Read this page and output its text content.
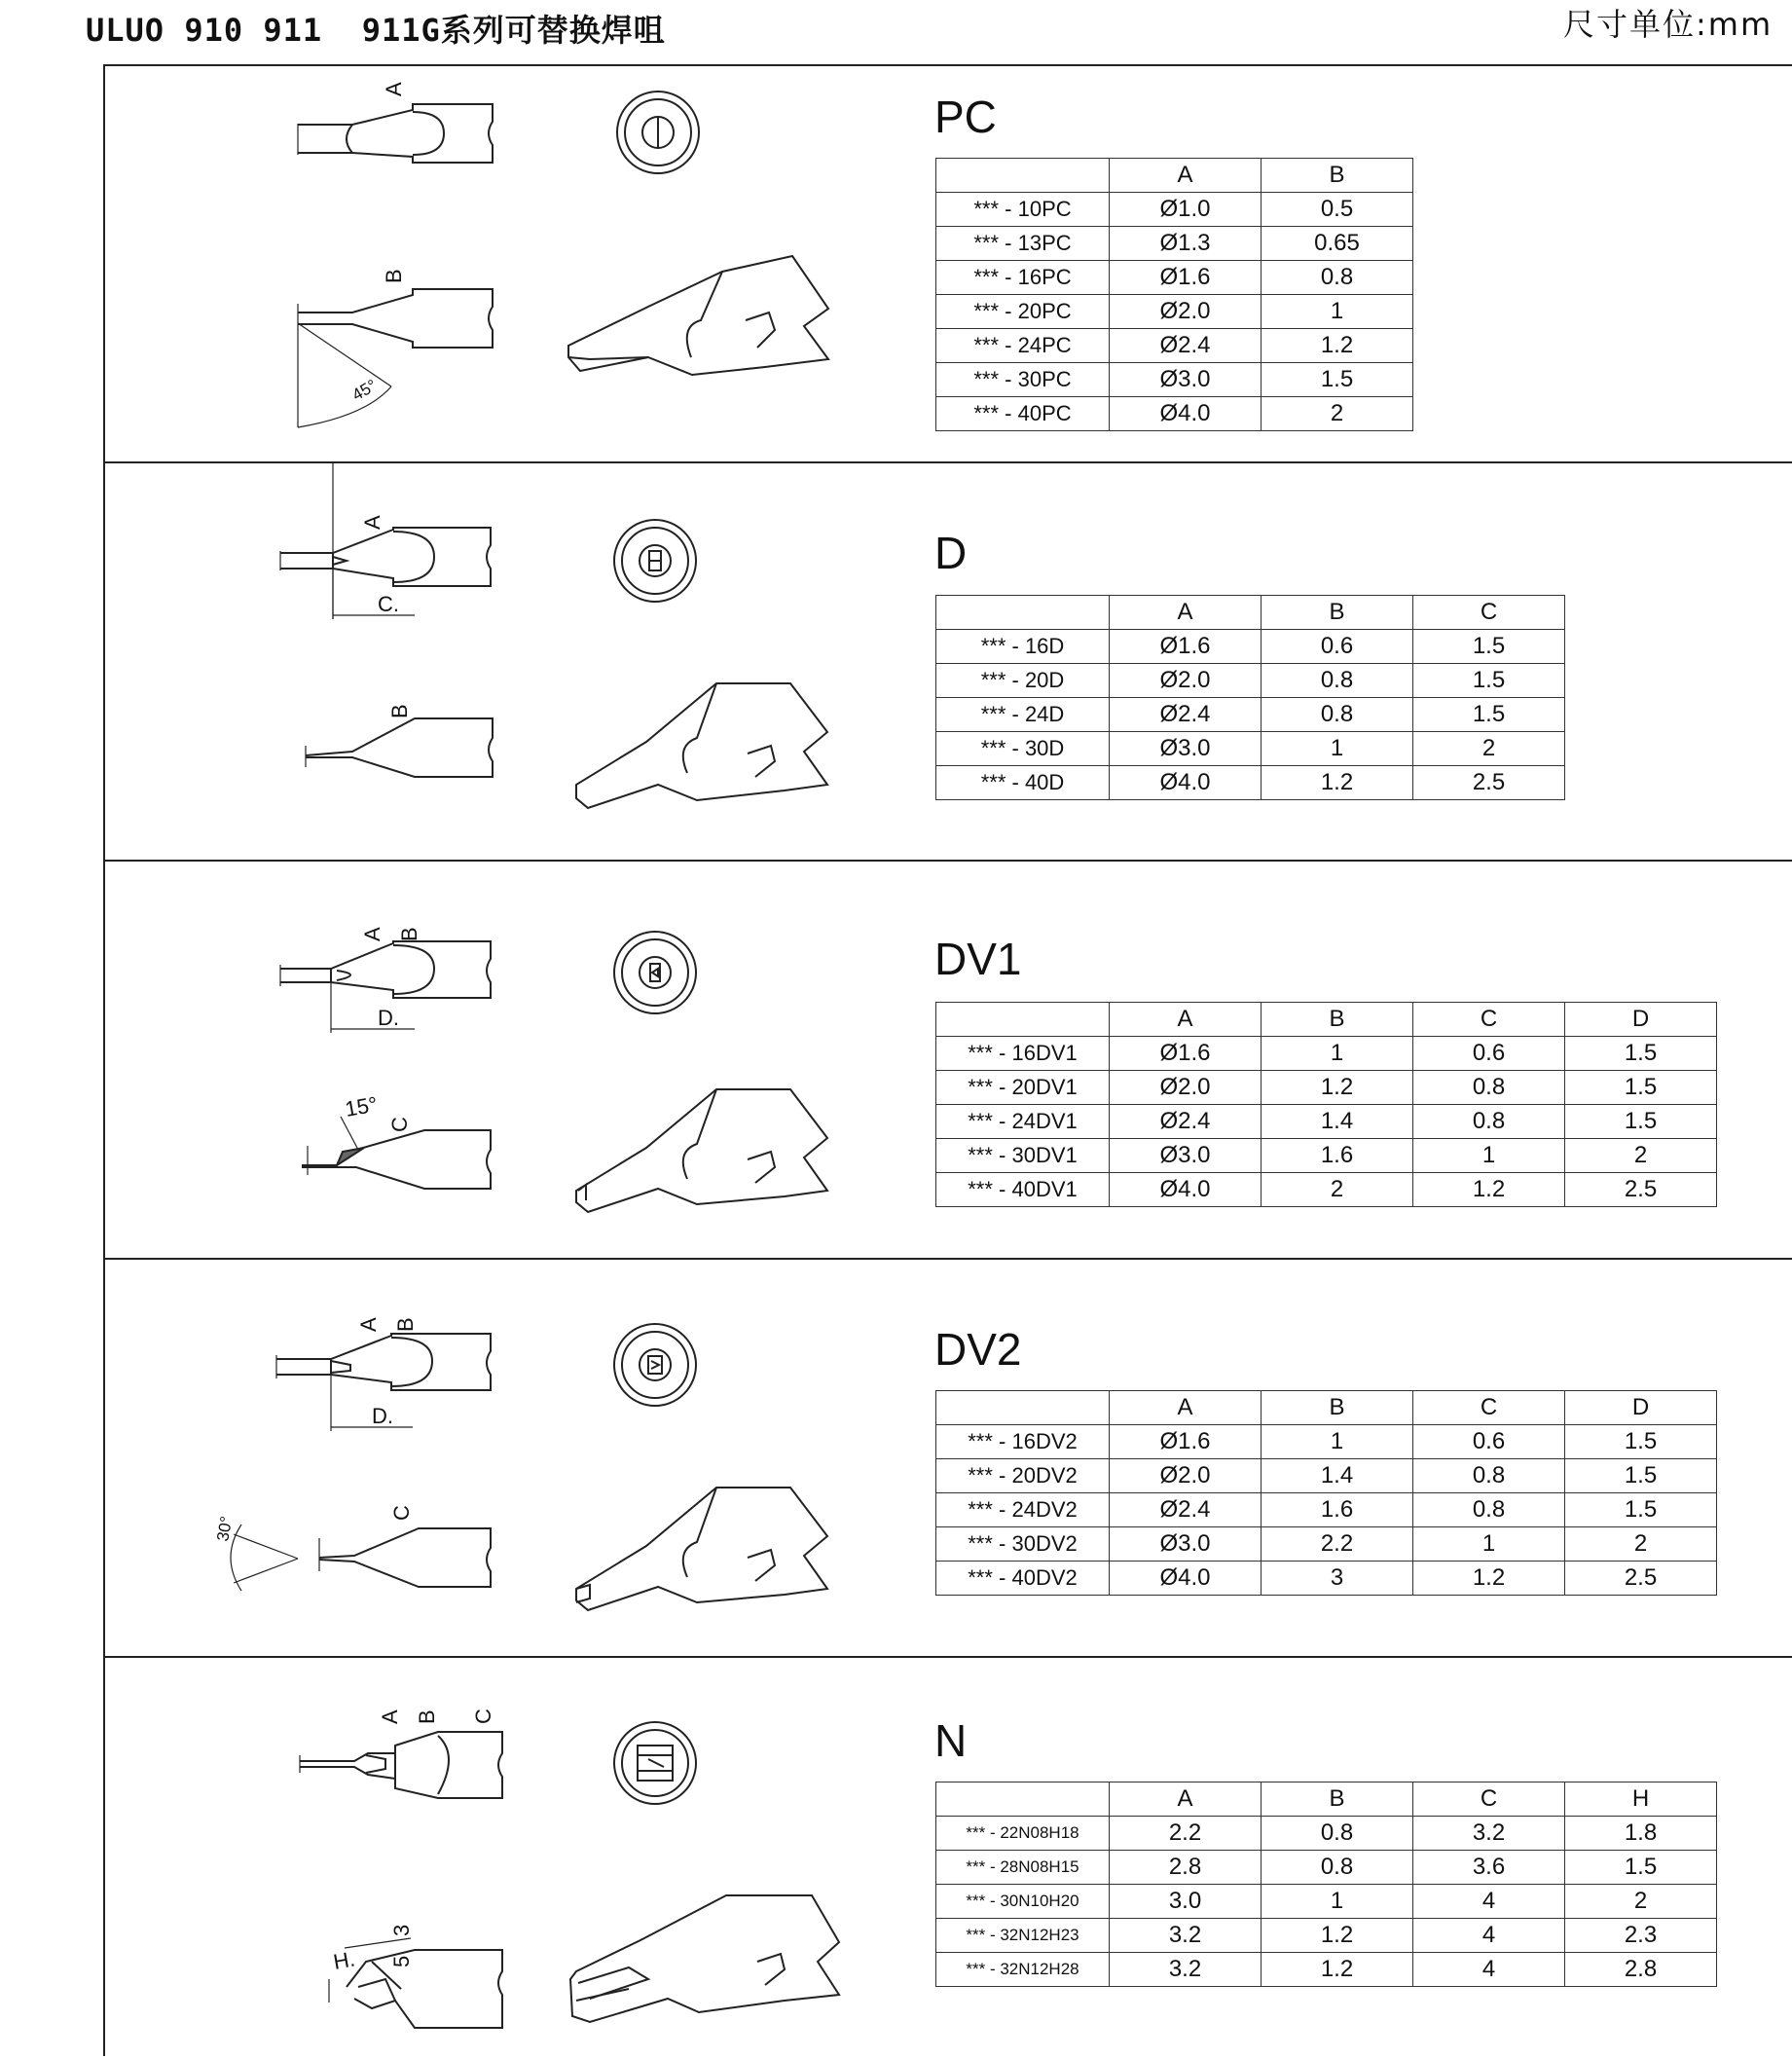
ULUO 910 911  911G系列可替换焊咀	尺寸单位:mm
A
B
45°
PC
	A	B
*** - 10PC	Ø1.0	0.5
*** - 13PC	Ø1.3	0.65
*** - 16PC	Ø1.6	0.8
*** - 20PC	Ø2.0	1
*** - 24PC	Ø2.4	1.2
*** - 30PC	Ø3.0	1.5
*** - 40PC	Ø4.0	2
A
C.
B
D
	A	B	C
*** - 16D	Ø1.6	0.6	1.5
*** - 20D	Ø2.0	0.8	1.5
*** - 24D	Ø2.4	0.8	1.5
*** - 30D	Ø3.0	1	2
*** - 40D	Ø4.0	1.2	2.5
A B
D.
C
15°
DV1
	A	B	C	D
*** - 16DV1	Ø1.6	1	0.6	1.5
*** - 20DV1	Ø2.0	1.2	0.8	1.5
*** - 24DV1	Ø2.4	1.4	0.8	1.5
*** - 30DV1	Ø3.0	1.6	1	2
*** - 40DV1	Ø4.0	2	1.2	2.5
A B
D.
C
30°
DV2
	A	B	C	D
*** - 16DV2	Ø1.6	1	0.6	1.5
*** - 20DV2	Ø2.0	1.4	0.8	1.5
*** - 24DV2	Ø2.4	1.6	0.8	1.5
*** - 30DV2	Ø3.0	2.2	1	2
*** - 40DV2	Ø4.0	3	1.2	2.5
A B C
H.
3
5
N
	A	B	C	H
*** - 22N08H18	2.2	0.8	3.2	1.8
*** - 28N08H15	2.8	0.8	3.6	1.5
*** - 30N10H20	3.0	1	4	2
*** - 32N12H23	3.2	1.2	4	2.3
*** - 32N12H28	3.2	1.2	4	2.8
